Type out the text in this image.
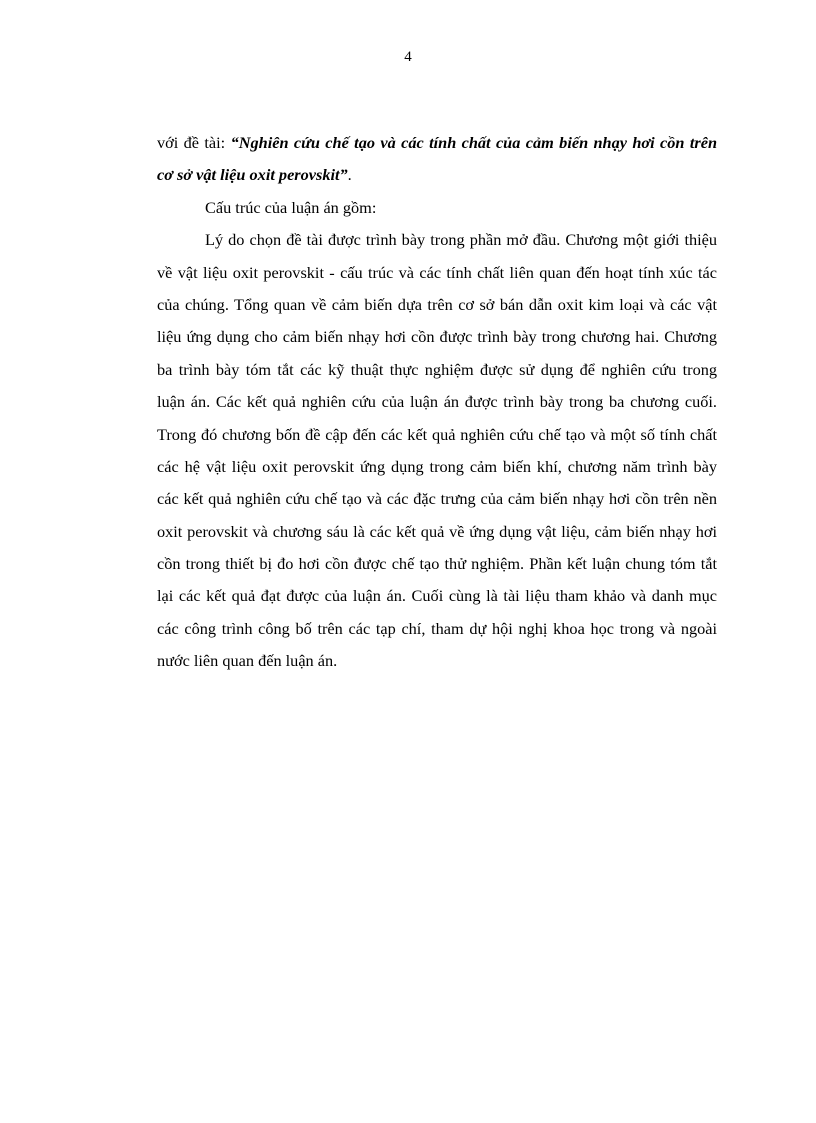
4
với đề tài: “Nghiên cứu chế tạo và các tính chất của cảm biến nhạy hơi cồn trên
cơ sở vật liệu oxit perovskit”.
Cấu trúc của luận án gồm:
Lý do chọn đề tài được trình bày trong phần mở đầu. Chương một giới thiệu
về vật liệu oxit perovskit - cấu trúc và các tính chất liên quan đến hoạt tính xúc tác
của chúng. Tổng quan về cảm biến dựa trên cơ sở bán dẫn oxit kim loại và các vật
liệu ứng dụng cho cảm biến nhạy hơi cồn được trình bày trong chương hai. Chương
ba trình bày tóm tắt các kỹ thuật thực nghiệm được sử dụng để nghiên cứu trong
luận án. Các kết quả nghiên cứu của luận án được trình bày trong ba chương cuối.
Trong đó chương bốn đề cập đến các kết quả nghiên cứu chế tạo và một số tính chất
các hệ vật liệu oxit perovskit ứng dụng trong cảm biến khí, chương năm trình bày
các kết quả nghiên cứu chế tạo và các đặc trưng của cảm biến nhạy hơi cồn trên nền
oxit perovskit và chương sáu là các kết quả về ứng dụng vật liệu, cảm biến nhạy hơi
cồn trong thiết bị đo hơi cồn được chế tạo thử nghiệm. Phần kết luận chung tóm tắt
lại các kết quả đạt được của luận án. Cuối cùng là tài liệu tham khảo và danh mục
các công trình công bố trên các tạp chí, tham dự hội nghị khoa học trong và ngoài
nước liên quan đến luận án.
